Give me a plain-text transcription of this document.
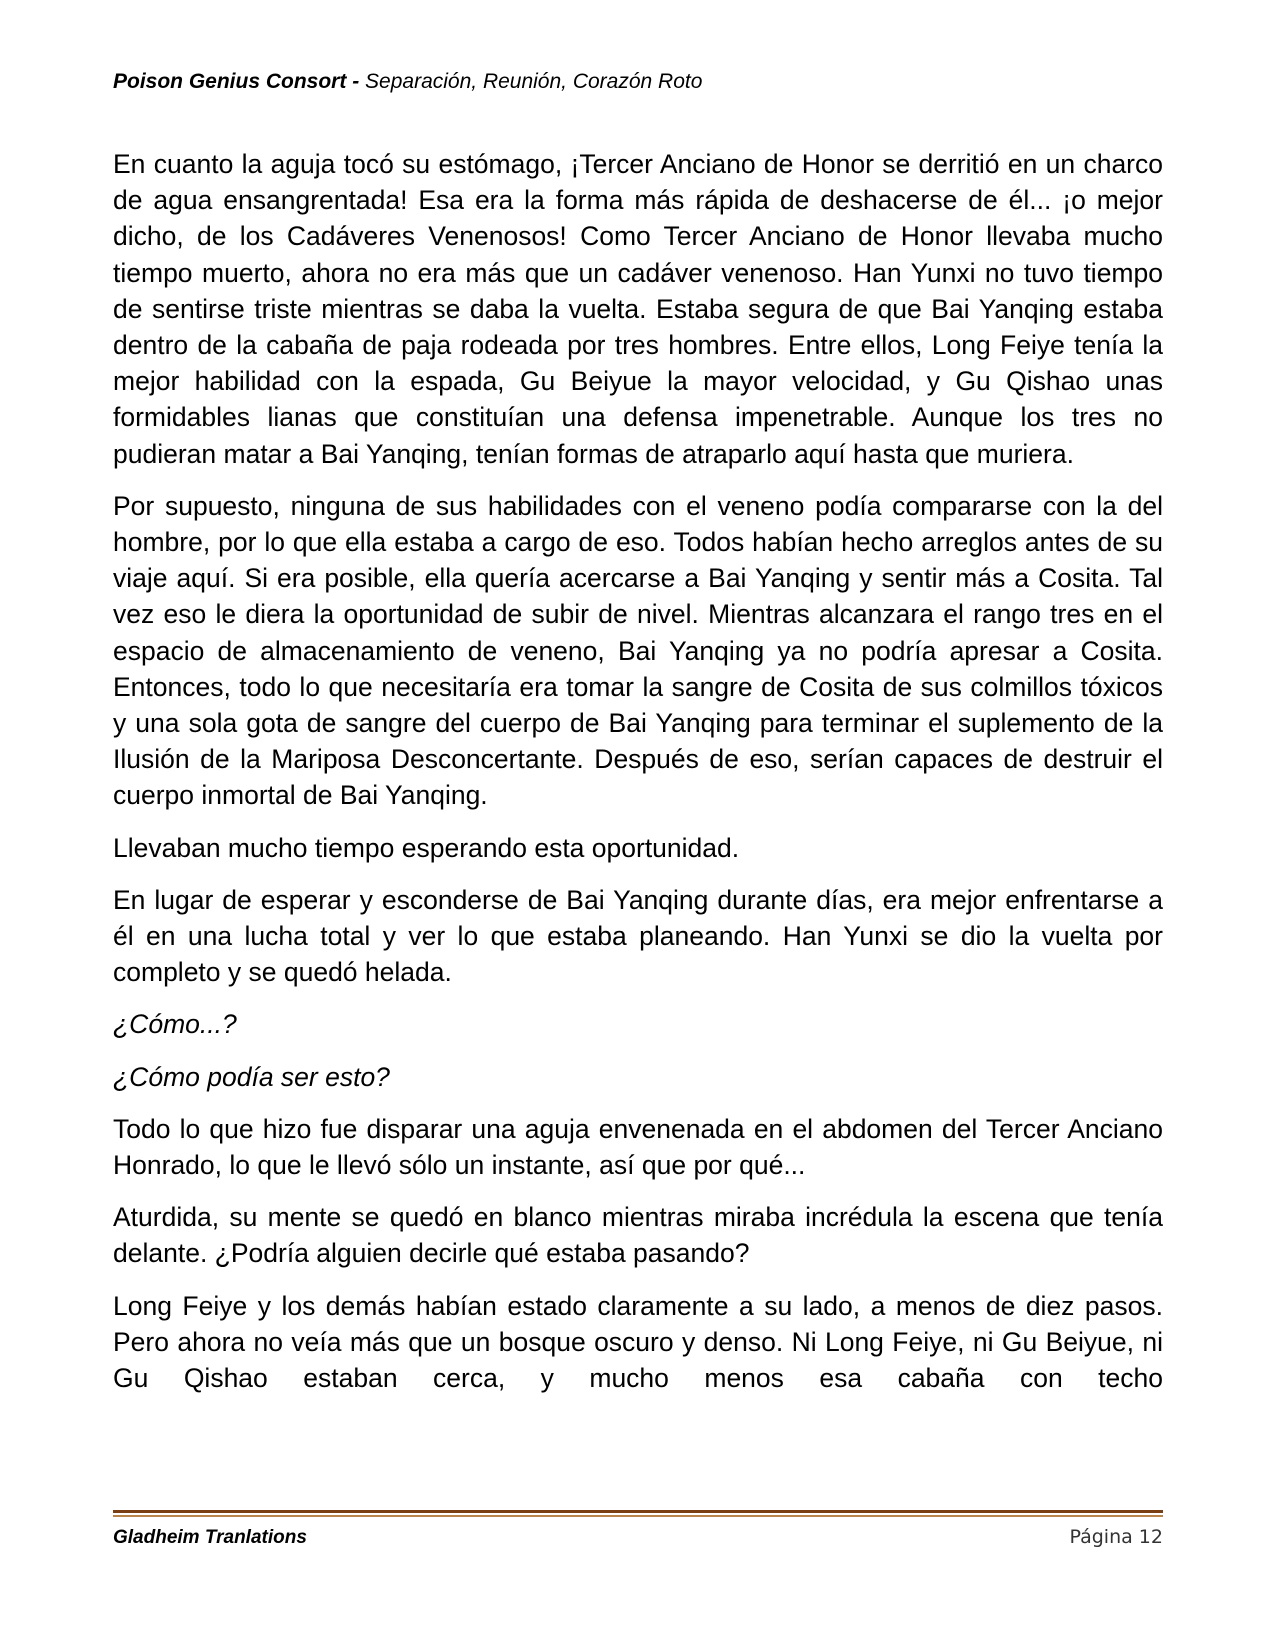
Poison Genius Consort - Separación, Reunión, Corazón Roto

En cuanto la aguja tocó su estómago, ¡Tercer Anciano de Honor se derritió en un charco de agua ensangrentada! Esa era la forma más rápida de deshacerse de él... ¡o mejor dicho, de los Cadáveres Venenosos! Como Tercer Anciano de Honor llevaba mucho tiempo muerto, ahora no era más que un cadáver venenoso. Han Yunxi no tuvo tiempo de sentirse triste mientras se daba la vuelta. Estaba segura de que Bai Yanqing estaba dentro de la cabaña de paja rodeada por tres hombres. Entre ellos, Long Feiye tenía la mejor habilidad con la espada, Gu Beiyue la mayor velocidad, y Gu Qishao unas formidables lianas que constituían una defensa impenetrable. Aunque los tres no pudieran matar a Bai Yanqing, tenían formas de atraparlo aquí hasta que muriera.

Por supuesto, ninguna de sus habilidades con el veneno podía compararse con la del hombre, por lo que ella estaba a cargo de eso. Todos habían hecho arreglos antes de su viaje aquí. Si era posible, ella quería acercarse a Bai Yanqing y sentir más a Cosita. Tal vez eso le diera la oportunidad de subir de nivel. Mientras alcanzara el rango tres en el espacio de almacenamiento de veneno, Bai Yanqing ya no podría apresar a Cosita. Entonces, todo lo que necesitaría era tomar la sangre de Cosita de sus colmillos tóxicos y una sola gota de sangre del cuerpo de Bai Yanqing para terminar el suplemento de la Ilusión de la Mariposa Desconcertante. Después de eso, serían capaces de destruir el cuerpo inmortal de Bai Yanqing.

Llevaban mucho tiempo esperando esta oportunidad.

En lugar de esperar y esconderse de Bai Yanqing durante días, era mejor enfrentarse a él en una lucha total y ver lo que estaba planeando. Han Yunxi se dio la vuelta por completo y se quedó helada.

¿Cómo...?

¿Cómo podía ser esto?

Todo lo que hizo fue disparar una aguja envenenada en el abdomen del Tercer Anciano Honrado, lo que le llevó sólo un instante, así que por qué...

Aturdida, su mente se quedó en blanco mientras miraba incrédula la escena que tenía delante. ¿Podría alguien decirle qué estaba pasando?

Long Feiye y los demás habían estado claramente a su lado, a menos de diez pasos. Pero ahora no veía más que un bosque oscuro y denso. Ni Long Feiye, ni Gu Beiyue, ni Gu Qishao estaban cerca, y mucho menos esa cabaña con techo

Gladheim Tranlations	Página 12
